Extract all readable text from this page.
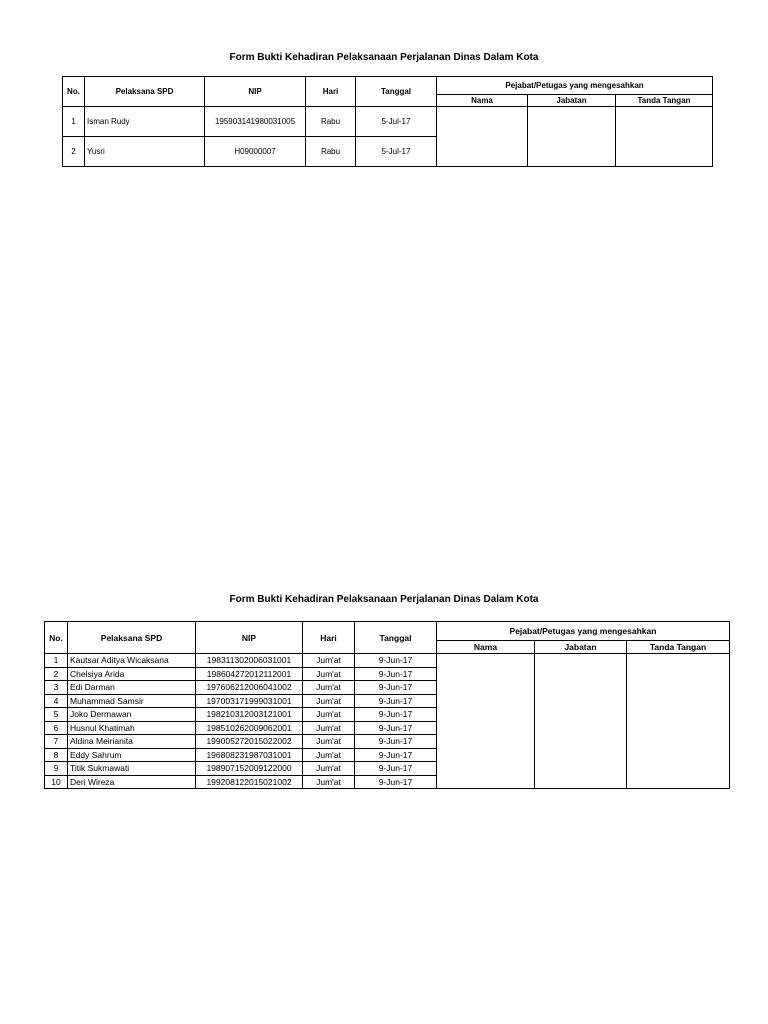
Form Bukti Kehadiran Pelaksanaan Perjalanan Dinas Dalam Kota
No.	Pelaksana SPD	NIP	Hari	Tanggal	Pejabat/Petugas yang mengesahkan		
					Nama	Jabatan	Tanda Tangan
1	Isman Rudy	195903141980031005	Rabu	5-Jul-17			
2	Yusri	H09000007	Rabu	5-Jul-17			
Form Bukti Kehadiran Pelaksanaan Perjalanan Dinas Dalam Kota
No.	Pelaksana SPD	NIP	Hari	Tanggal	Pejabat/Petugas yang mengesahkan		
					Nama	Jabatan	Tanda Tangan
1	Kautsar Aditya Wicaksana	198311302006031001	Jum'at	9-Jun-17			
2	Chelsiya Arida	198604272012112001	Jum'at	9-Jun-17			
3	Edi Darman	197606212006041002	Jum'at	9-Jun-17			
4	Muhammad Samsir	197003171999031001	Jum'at	9-Jun-17			
5	Joko Dermawan	198210312003121001	Jum'at	9-Jun-17			
6	Husnul Khatimah	198510262009062001	Jum'at	9-Jun-17			
7	Aldina Meirianita	199005272015022002	Jum'at	9-Jun-17			
8	Eddy Sahrum	196808231987031001	Jum'at	9-Jun-17			
9	Titik Sukmawati	198907152009122000	Jum'at	9-Jun-17			
10	Deri Wireza	199208122015021002	Jum'at	9-Jun-17			
